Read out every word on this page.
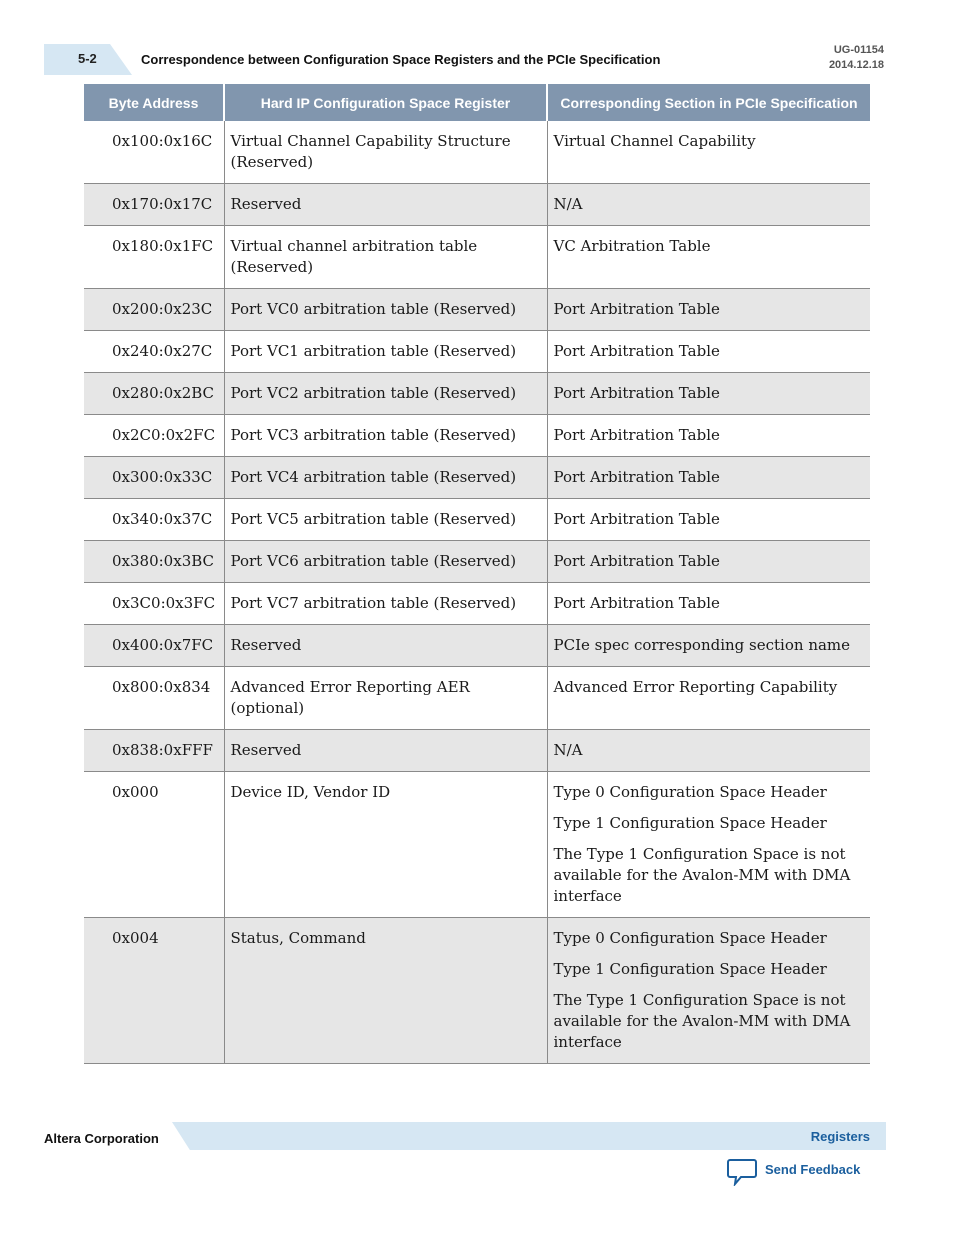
5-2	Correspondence between Configuration Space Registers and the PCIe Specification
UG-01154
2014.12.18
Byte Address	Hard IP Configuration Space Register	Corresponding Section in PCIe Specification
0x100:0x16C	Virtual Channel Capability Structure (Reserved)	Virtual Channel Capability

0x170:0x17C	Reserved	N/A

0x180:0x1FC	Virtual channel arbitration table (Reserved)	VC Arbitration Table

0x200:0x23C	Port VC0 arbitration table (Reserved)	Port Arbitration Table

0x240:0x27C	Port VC1 arbitration table (Reserved)	Port Arbitration Table

0x280:0x2BC	Port VC2 arbitration table (Reserved)	Port Arbitration Table

0x2C0:0x2FC	Port VC3 arbitration table (Reserved)	Port Arbitration Table

0x300:0x33C	Port VC4 arbitration table (Reserved)	Port Arbitration Table

0x340:0x37C	Port VC5 arbitration table (Reserved)	Port Arbitration Table

0x380:0x3BC	Port VC6 arbitration table (Reserved)	Port Arbitration Table

0x3C0:0x3FC	Port VC7 arbitration table (Reserved)	Port Arbitration Table

0x400:0x7FC	Reserved	PCIe spec corresponding section name

0x800:0x834	Advanced Error Reporting AER (optional)	Advanced Error Reporting Capability

0x838:0xFFF	Reserved	N/A

0x000	Device ID, Vendor ID	Type 0 Configuration Space Header
Type 1 Configuration Space Header
The Type 1 Configuration Space is not available for the Avalon-MM with DMA interface

0x004	Status, Command	Type 0 Configuration Space Header
Type 1 Configuration Space Header
The Type 1 Configuration Space is not available for the Avalon-MM with DMA interface
Altera Corporation	Registers
Send Feedback
